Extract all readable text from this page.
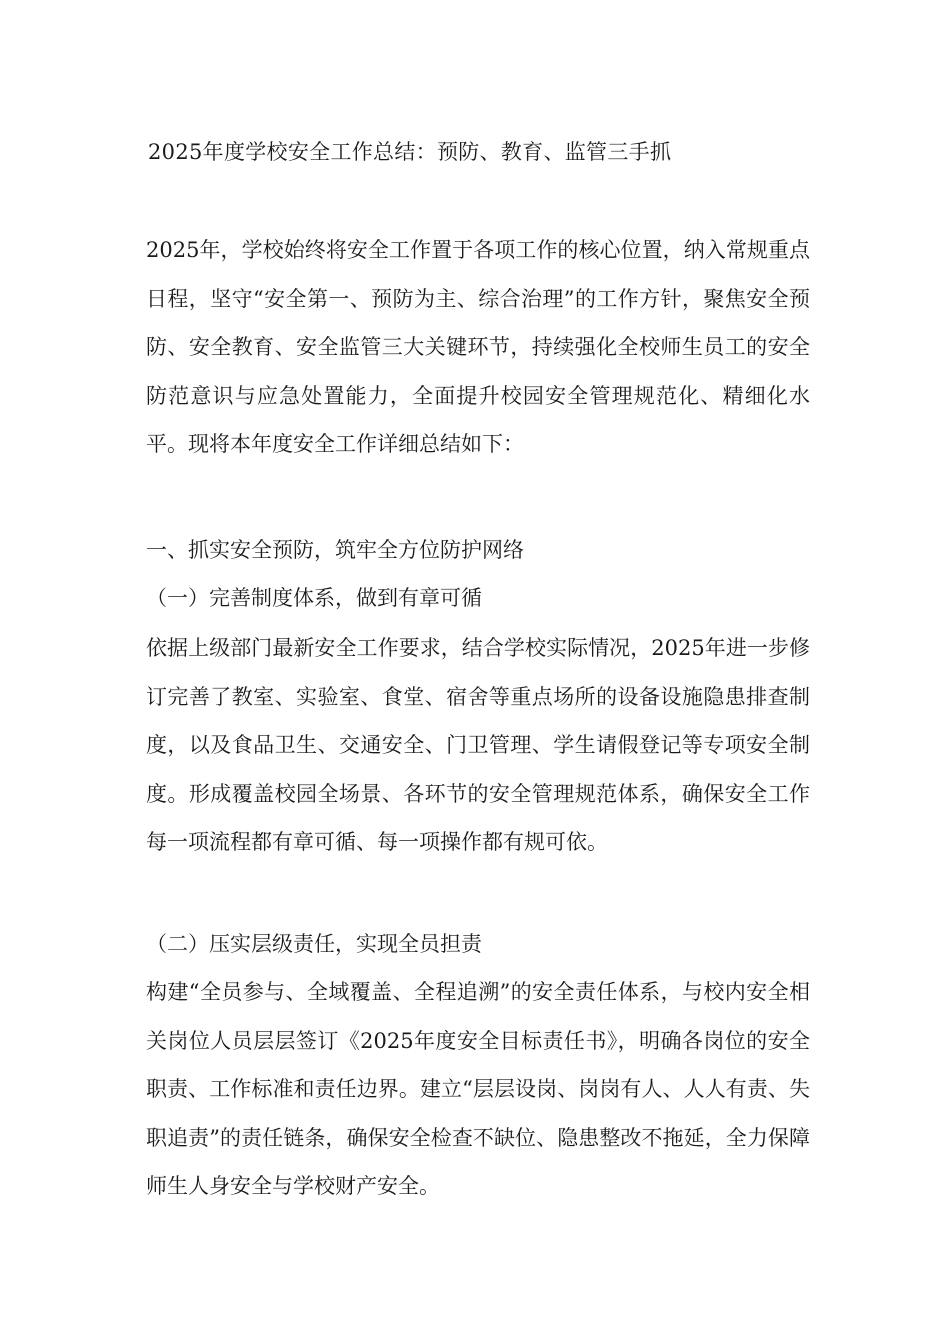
2025年度学校安全工作总结：预防、教育、监管三手抓

2025年，学校始终将安全工作置于各项工作的核心位置，纳入常规重点日程，坚守“安全第一、预防为主、综合治理”的工作方针，聚焦安全预防、安全教育、安全监管三大关键环节，持续强化全校师生员工的安全防范意识与应急处置能力，全面提升校园安全管理规范化、精细化水平。现将本年度安全工作详细总结如下：

一、抓实安全预防，筑牢全方位防护网络

（一）完善制度体系，做到有章可循

依据上级部门最新安全工作要求，结合学校实际情况，2025年进一步修订完善了教室、实验室、食堂、宿舍等重点场所的设备设施隐患排查制度，以及食品卫生、交通安全、门卫管理、学生请假登记等专项安全制度。形成覆盖校园全场景、各环节的安全管理规范体系，确保安全工作每一项流程都有章可循、每一项操作都有规可依。

（二）压实层级责任，实现全员担责

构建“全员参与、全域覆盖、全程追溯”的安全责任体系，与校内安全相关岗位人员层层签订《2025年度安全目标责任书》，明确各岗位的安全职责、工作标准和责任边界。建立“层层设岗、岗岗有人、人人有责、失职追责”的责任链条，确保安全检查不缺位、隐患整改不拖延，全力保障师生人身安全与学校财产安全。
